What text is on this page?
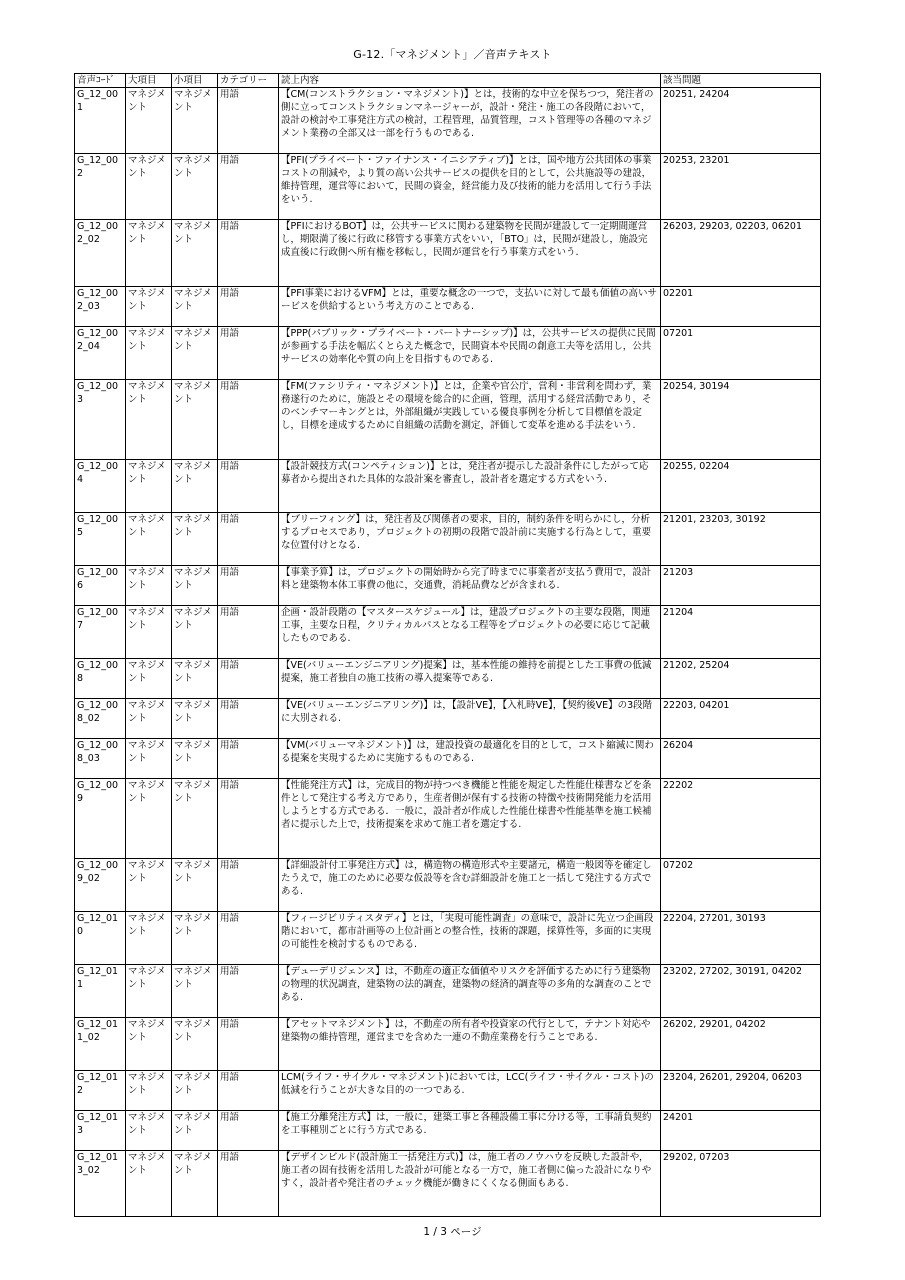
G-12.「マネジメント」／音声テキスト
音声ｺｰﾄﾞ	大項目	小項目	カテゴリー	読上内容	該当問題
G_12_001	マネジメント	マネジメント	用語	【CM(コンストラクション・マネジメント)】とは，技術的な中立を保ちつつ，発注者の側に立ってコンストラクションマネージャーが，設計・発注・施工の各段階において，設計の検討や工事発注方式の検討，工程管理，品質管理，コスト管理等の各種のマネジメント業務の全部又は一部を行うものである.	20251, 24204
G_12_002	マネジメント	マネジメント	用語	【PFI(プライベート・ファイナンス・イニシアティブ)】とは，国や地方公共団体の事業コストの削減や，より質の高い公共サービスの提供を目的として，公共施設等の建設，維持管理，運営等において，民間の資金，経営能力及び技術的能力を活用して行う手法をいう.	20253, 23201
G_12_002_02	マネジメント	マネジメント	用語	【PFIにおけるBOT】は，公共サービスに関わる建築物を民間が建設して一定期間運営し，期限満了後に行政に移管する事業方式をいい，「BTO」は，民間が建設し，施設完成直後に行政側へ所有権を移転し，民間が運営を行う事業方式をいう.	26203, 29203, 02203, 06201
G_12_002_03	マネジメント	マネジメント	用語	【PFI事業におけるVFM】とは，重要な概念の一つで，支払いに対して最も価値の高いサービスを供給するという考え方のことである.	02201
G_12_002_04	マネジメント	マネジメント	用語	【PPP(パブリック・プライベート・パートナーシップ)】は，公共サービスの提供に民間が参画する手法を幅広くとらえた概念で，民間資本や民間の創意工夫等を活用し，公共サービスの効率化や質の向上を目指すものである.	07201
G_12_003	マネジメント	マネジメント	用語	【FM(ファシリティ・マネジメント)】とは，企業や官公庁，営利・非営利を問わず，業務遂行のために，施設とその環境を総合的に企画，管理，活用する経営活動であり，そのベンチマーキングとは，外部組織が実践している優良事例を分析して目標値を設定し，目標を達成するために自組織の活動を測定，評価して変革を進める手法をいう.	20254, 30194
G_12_004	マネジメント	マネジメント	用語	【設計競技方式(コンペティション)】とは，発注者が提示した設計条件にしたがって応募者から提出された具体的な設計案を審査し，設計者を選定する方式をいう.	20255, 02204
G_12_005	マネジメント	マネジメント	用語	【ブリーフィング】は，発注者及び関係者の要求，目的，制約条件を明らかにし，分析するプロセスであり，プロジェクトの初期の段階で設計前に実施する行為として，重要な位置付けとなる.	21201, 23203, 30192
G_12_006	マネジメント	マネジメント	用語	【事業予算】は，プロジェクトの開始時から完了時までに事業者が支払う費用で，設計料と建築物本体工事費の他に，交通費，消耗品費などが含まれる.	21203
G_12_007	マネジメント	マネジメント	用語	企画・設計段階の【マスタースケジュール】は，建設プロジェクトの主要な段階，関連工事，主要な日程，クリティカルパスとなる工程等をプロジェクトの必要に応じて記載したものである.	21204
G_12_008	マネジメント	マネジメント	用語	【VE(バリューエンジニアリング)提案】は，基本性能の維持を前提とした工事費の低減提案，施工者独自の施工技術の導入提案等である.	21202, 25204
G_12_008_02	マネジメント	マネジメント	用語	【VE(バリューエンジニアリング)】は，【設計VE】，【入札時VE】，【契約後VE】の3段階に大別される.	22203, 04201
G_12_008_03	マネジメント	マネジメント	用語	【VM(バリューマネジメント)】は，建設投資の最適化を目的として，コスト縮減に関わる提案を実現するために実施するものである.	26204
G_12_009	マネジメント	マネジメント	用語	【性能発注方式】は，完成目的物が持つべき機能と性能を規定した性能仕様書などを条件として発注する考え方であり，生産者側が保有する技術の特徴や技術開発能力を活用しようとする方式である．一般に，設計者が作成した性能仕様書や性能基準を施工候補者に提示した上で，技術提案を求めて施工者を選定する.	22202
G_12_009_02	マネジメント	マネジメント	用語	【詳細設計付工事発注方式】は，構造物の構造形式や主要諸元，構造一般図等を確定したうえで，施工のために必要な仮設等を含む詳細設計を施工と一括して発注する方式である.	07202
G_12_010	マネジメント	マネジメント	用語	【フィージビリティスタディ】とは，「実現可能性調査」の意味で，設計に先立つ企画段階において，都市計画等の上位計画との整合性，技術的課題，採算性等，多面的に実現の可能性を検討するものである.	22204, 27201, 30193
G_12_011	マネジメント	マネジメント	用語	【デューデリジェンス】は，不動産の適正な価値やリスクを評価するために行う建築物の物理的状況調査，建築物の法的調査，建築物の経済的調査等の多角的な調査のことである.	23202, 27202, 30191, 04202
G_12_011_02	マネジメント	マネジメント	用語	【アセットマネジメント】は，不動産の所有者や投資家の代行として，テナント対応や建築物の維持管理，運営までを含めた一連の不動産業務を行うことである.	26202, 29201, 04202
G_12_012	マネジメント	マネジメント	用語	LCM(ライフ・サイクル・マネジメント)においては，LCC(ライフ・サイクル・コスト)の低減を行うことが大きな目的の一つである.	23204, 26201, 29204, 06203
G_12_013	マネジメント	マネジメント	用語	【施工分離発注方式】は，一般に，建築工事と各種設備工事に分ける等，工事請負契約を工事種別ごとに行う方式である.	24201
G_12_013_02	マネジメント	マネジメント	用語	【デザインビルド(設計施工一括発注方式)】は，施工者のノウハウを反映した設計や，施工者の固有技術を活用した設計が可能となる一方で，施工者側に偏った設計になりやすく，設計者や発注者のチェック機能が働きにくくなる側面もある.	29202, 07203
1 / 3 ページ
